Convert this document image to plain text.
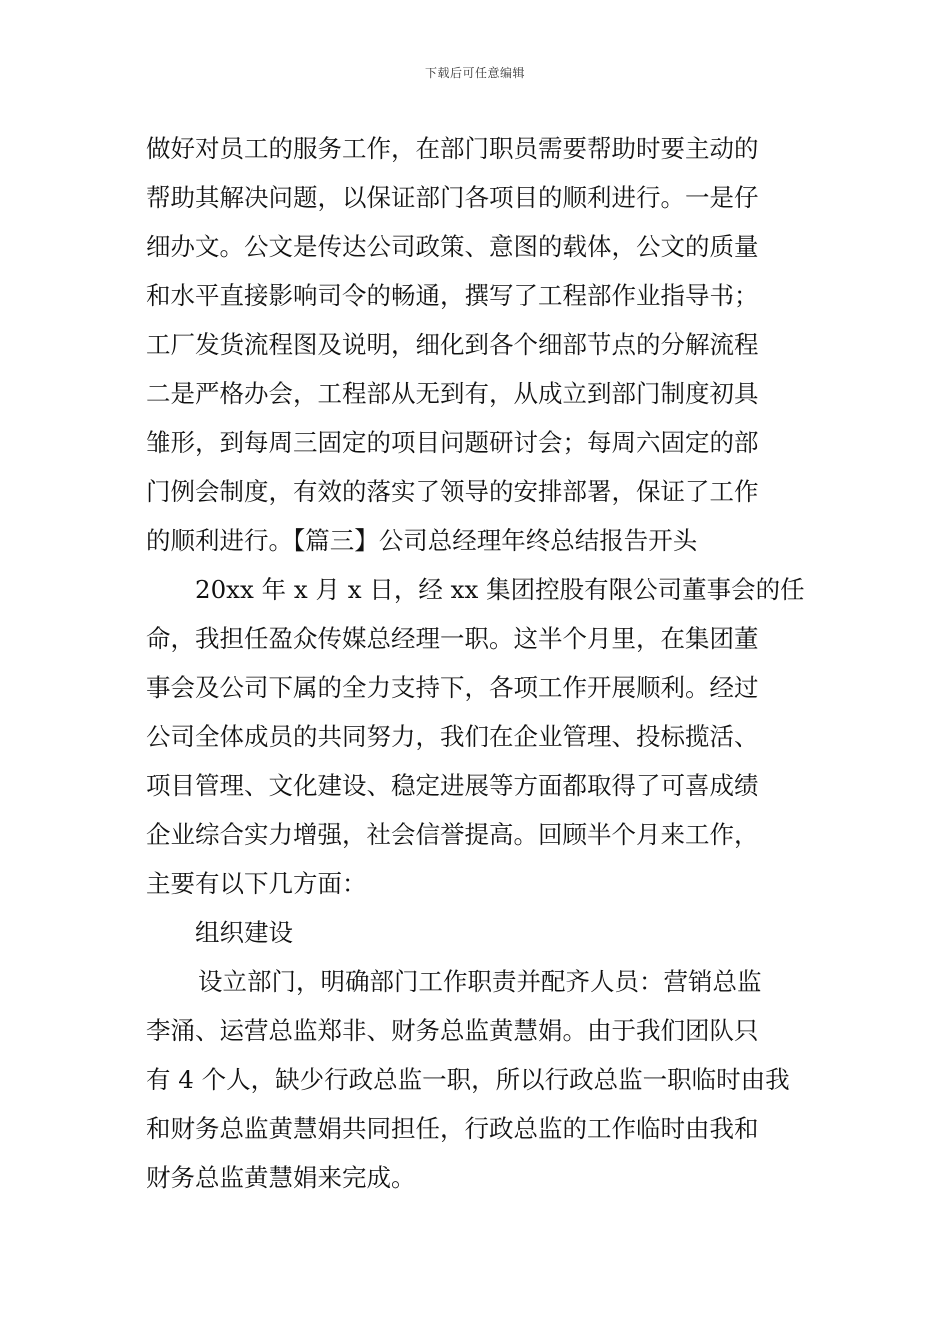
下载后可任意编辑
做好对员工的服务工作，在部门职员需要帮助时要主动的
帮助其解决问题，以保证部门各项目的顺利进行。一是仔
细办文。公文是传达公司政策、意图的载体，公文的质量
和水平直接影响司令的畅通，撰写了工程部作业指导书；
工厂发货流程图及说明，细化到各个细部节点的分解流程
二是严格办会，工程部从无到有，从成立到部门制度初具
雏形，到每周三固定的项目问题研讨会；每周六固定的部
门例会制度，有效的落实了领导的安排部署，保证了工作
的顺利进行。【篇三】公司总经理年终总结报告开头
20xx 年 x 月 x 日，经 xx 集团控股有限公司董事会的任
命，我担任盈众传媒总经理一职。这半个月里，在集团董
事会及公司下属的全力支持下，各项工作开展顺利。经过
公司全体成员的共同努力，我们在企业管理、投标揽活、
项目管理、文化建设、稳定进展等方面都取得了可喜成绩
企业综合实力增强，社会信誉提高。回顾半个月来工作，
主要有以下几方面：
组织建设
设立部门，明确部门工作职责并配齐人员：营销总监
李涌、运营总监郑非、财务总监黄慧娟。由于我们团队只
有 4 个人，缺少行政总监一职，所以行政总监一职临时由我
和财务总监黄慧娟共同担任，行政总监的工作临时由我和
财务总监黄慧娟来完成。
